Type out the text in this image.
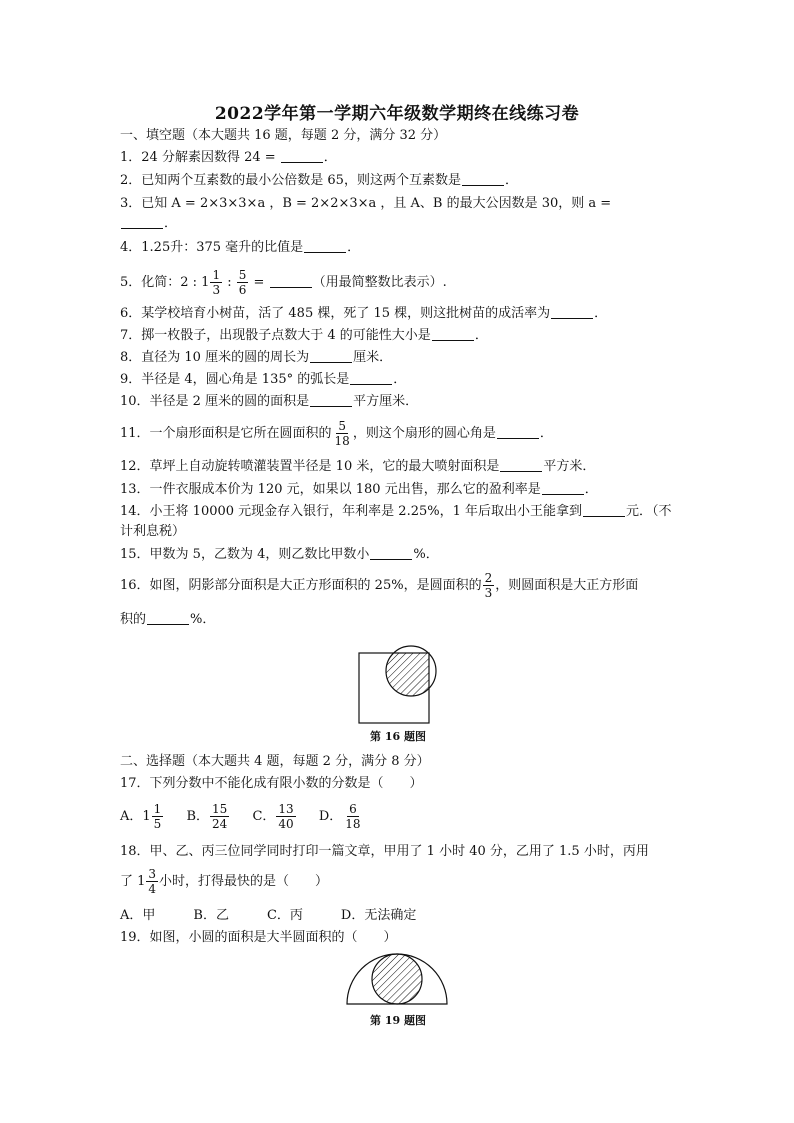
2022学年第一学期六年级数学期终在线练习卷
一、填空题（本大题共 16 题，每题 2 分，满分 32 分）
1．24 分解素因数得 24 =	．
2．已知两个互素数的最小公倍数是 65，则这两个互素数是	．
3．已知 A = 2×3×3×a ，B = 2×2×3×a ，且 A、B 的最大公因数是 30，则 a =
．
4．1.25升：375 毫升的比值是	．
5．化简：2 : $1 \frac{1}{3}$ : $\frac{5}{6}$ =	（用最简整数比表示）.
6．某学校培育小树苗，活了 485 棵，死了 15 棵，则这批树苗的成活率为	．
7．掷一枚骰子，出现骰子点数大于 4 的可能性大小是	．
8．直径为 10 厘米的圆的周长为	厘米．
9．半径是 4，圆心角是 135° 的弧长是	．
10．半径是 2 厘米的圆的面积是	平方厘米．
11．一个扇形面积是它所在圆面积的 $\frac{5}{18}$ ，则这个扇形的圆心角是	．
12．草坪上自动旋转喷灌装置半径是 10 米，它的最大喷射面积是	平方米．
13．一件衣服成本价为 120 元，如果以 180 元出售，那么它的盈利率是	．
14．小王将 10000 元现金存入银行，年利率是 2.25%，1 年后取出小王能拿到	元．（不
计利息税）
15．甲数为 5，乙数为 4，则乙数比甲数小	%．
16．如图，阴影部分面积是大正方形面积的 25%，是圆面积的 $\frac{2}{3}$ ，则圆面积是大正方形面
积的	%．
第 16 题图
二、选择题（本大题共 4 题，每题 2 分，满分 8 分）
17．下列分数中不能化成有限小数的分数是（　　）
A．$1 \frac{1}{5}$ B． $\frac{15}{24}$ C． $\frac{13}{40}$ D． $\frac{6}{18}$
18．甲、乙、丙三位同学同时打印一篇文章，甲用了 1 小时 40 分，乙用了 1.5 小时，丙用
了 $1 \frac{3}{4}$ 小时，打得最快的是（　　）
A．甲	B．乙	C．丙	D．无法确定
19．如图，小圆的面积是大半圆面积的（　　）
第 19 题图
